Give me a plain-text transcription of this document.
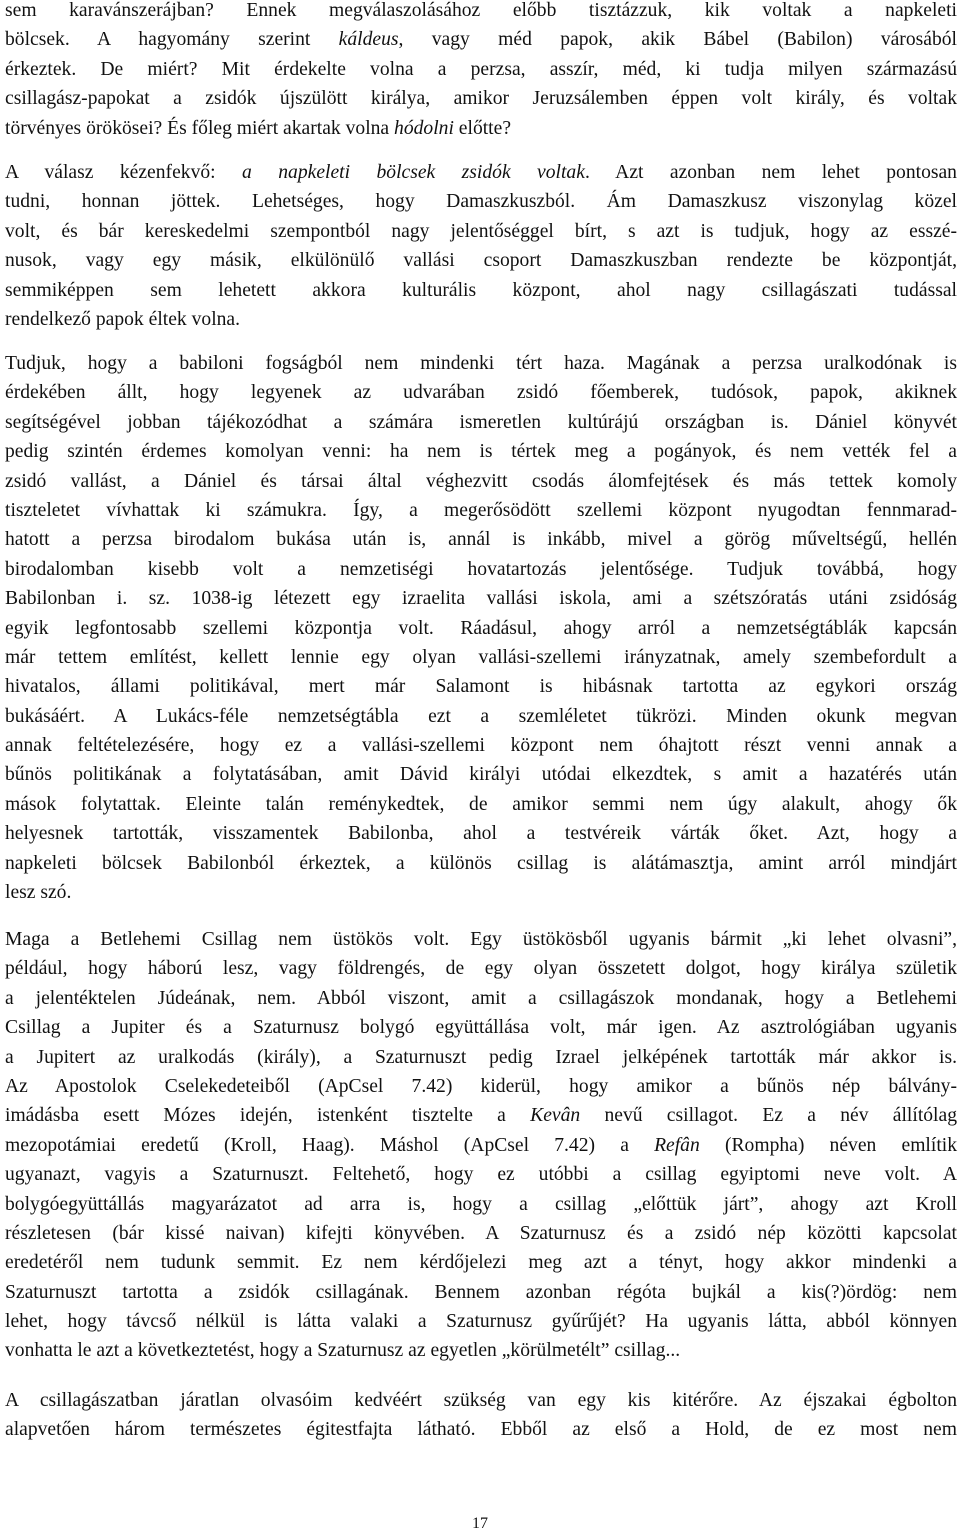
sem karavánszerájban? Ennek megválaszolásához előbb tisztázzuk, kik voltak a napkeleti
bölcsek. A hagyomány szerint káldeus, vagy méd papok, akik Bábel (Babilon) városából
érkeztek. De miért? Mit érdekelte volna a perzsa, asszír, méd, ki tudja milyen származású
csillagász-papokat a zsidók újszülött királya, amikor Jeruzsálemben éppen volt király, és voltak
törvényes örökösei? És főleg miért akartak volna hódolni előtte?
A válasz kézenfekvő: a napkeleti bölcsek zsidók voltak. Azt azonban nem lehet pontosan
tudni, honnan jöttek. Lehetséges, hogy Damaszkuszból. Ám Damaszkusz viszonylag közel
volt, és bár kereskedelmi szempontból nagy jelentőséggel bírt, s azt is tudjuk, hogy az esszé-
nusok, vagy egy másik, elkülönülő vallási csoport Damaszkuszban rendezte be központját,
semmiképpen sem lehetett akkora kulturális központ, ahol nagy csillagászati tudással
rendelkező papok éltek volna.
Tudjuk, hogy a babiloni fogságból nem mindenki tért haza. Magának a perzsa uralkodónak is
érdekében állt, hogy legyenek az udvarában zsidó főemberek, tudósok, papok, akiknek
segítségével jobban tájékozódhat a számára ismeretlen kultúrájú országban is. Dániel könyvét
pedig szintén érdemes komolyan venni: ha nem is tértek meg a pogányok, és nem vették fel a
zsidó vallást, a Dániel és társai által véghezvitt csodás álomfejtések és más tettek komoly
tiszteletet vívhattak ki számukra. Így, a megerősödött szellemi központ nyugodtan fennmarad-
hatott a perzsa birodalom bukása után is, annál is inkább, mivel a görög műveltségű, hellén
birodalomban kisebb volt a nemzetiségi hovatartozás jelentősége. Tudjuk továbbá, hogy
Babilonban i. sz. 1038-ig létezett egy izraelita vallási iskola, ami a szétszóratás utáni zsidóság
egyik legfontosabb szellemi központja volt. Ráadásul, ahogy arról a nemzetségtáblák kapcsán
már tettem említést, kellett lennie egy olyan vallási-szellemi irányzatnak, amely szembefordult a
hivatalos, állami politikával, mert már Salamont is hibásnak tartotta az egykori ország
bukásáért. A Lukács-féle nemzetségtábla ezt a szemléletet tükrözi. Minden okunk megvan
annak feltételezésére, hogy ez a vallási-szellemi központ nem óhajtott részt venni annak a
bűnös politikának a folytatásában, amit Dávid királyi utódai elkezdtek, s amit a hazatérés után
mások folytattak. Eleinte talán reménykedtek, de amikor semmi nem úgy alakult, ahogy ők
helyesnek tartották, visszamentek Babilonba, ahol a testvéreik várták őket. Azt, hogy a
napkeleti bölcsek Babilonból érkeztek, a különös csillag is alátámasztja, amint arról mindjárt
lesz szó.
Maga a Betlehemi Csillag nem üstökös volt. Egy üstökösből ugyanis bármit „ki lehet olvasni”,
például, hogy háború lesz, vagy földrengés, de egy olyan összetett dolgot, hogy királya születik
a jelentéktelen Júdeának, nem. Abból viszont, amit a csillagászok mondanak, hogy a Betlehemi
Csillag a Jupiter és a Szaturnusz bolygó együttállása volt, már igen. Az asztrológiában ugyanis
a Jupitert az uralkodás (király), a Szaturnuszt pedig Izrael jelképének tartották már akkor is.
Az Apostolok Cselekedeteiből (ApCsel 7.42) kiderül, hogy amikor a bűnös nép bálvány-
imádásba esett Mózes idején, istenként tisztelte a Kevân nevű csillagot. Ez a név állítólag
mezopotámiai eredetű (Kroll, Haag). Máshol (ApCsel 7.42) a Refân (Rompha) néven említik
ugyanazt, vagyis a Szaturnuszt. Feltehető, hogy ez utóbbi a csillag egyiptomi neve volt. A
bolygóegyüttállás magyarázatot ad arra is, hogy a csillag „előttük járt”, ahogy azt Kroll
részletesen (bár kissé naivan) kifejti könyvében. A Szaturnusz és a zsidó nép közötti kapcsolat
eredetéről nem tudunk semmit. Ez nem kérdőjelezi meg azt a tényt, hogy akkor mindenki a
Szaturnuszt tartotta a zsidók csillagának. Bennem azonban régóta bujkál a kis(?)ördög: nem
lehet, hogy távcső nélkül is látta valaki a Szaturnusz gyűrűjét? Ha ugyanis látta, abból könnyen
vonhatta le azt a következtetést, hogy a Szaturnusz az egyetlen „körülmetélt” csillag...
A csillagászatban járatlan olvasóim kedvéért szükség van egy kis kitérőre. Az éjszakai égbolton
alapvetően három természetes égitestfajta látható. Ebből az első a Hold, de ez most nem
17
